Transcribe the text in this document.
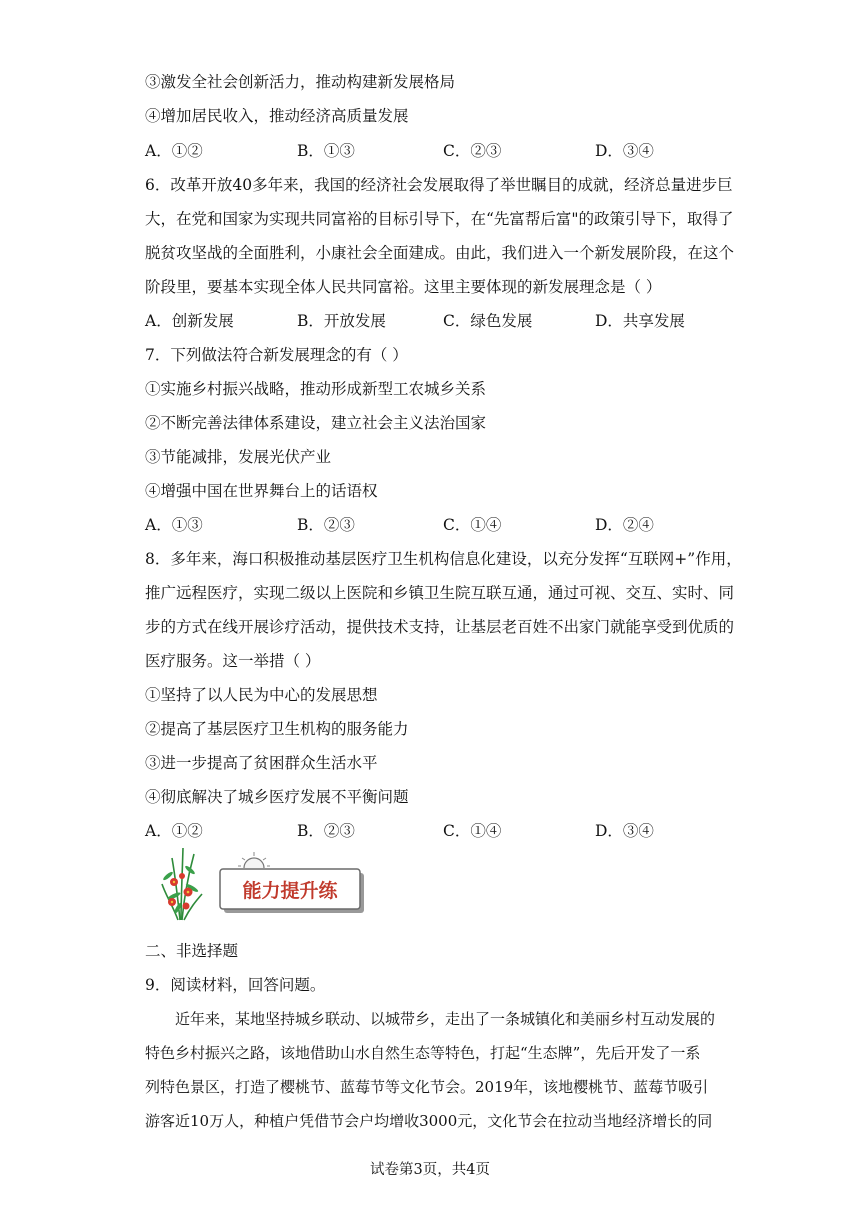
③激发全社会创新活力，推动构建新发展格局
④增加居民收入，推动经济高质量发展
A．①②	B．①③	C．②③	D．③④
6．改革开放40多年来，我国的经济社会发展取得了举世瞩目的成就，经济总量进步巨
大，在党和国家为实现共同富裕的目标引导下，在“先富帮后富"的政策引导下，取得了
脱贫攻坚战的全面胜利，小康社会全面建成。由此，我们进入一个新发展阶段，在这个
阶段里，要基本实现全体人民共同富裕。这里主要体现的新发展理念是（ ）
A．创新发展	B．开放发展	C．绿色发展	D．共享发展
7．下列做法符合新发展理念的有（ ）
①实施乡村振兴战略，推动形成新型工农城乡关系
②不断完善法律体系建设，建立社会主义法治国家
③节能减排，发展光伏产业
④增强中国在世界舞台上的话语权
A．①③	B．②③	C．①④	D．②④
8．多年来，海口积极推动基层医疗卫生机构信息化建设，以充分发挥“互联网+”作用，
推广远程医疗，实现二级以上医院和乡镇卫生院互联互通，通过可视、交互、实时、同
步的方式在线开展诊疗活动，提供技术支持，让基层老百姓不出家门就能享受到优质的
医疗服务。这一举措（ ）
①坚持了以人民为中心的发展思想
②提高了基层医疗卫生机构的服务能力
③进一步提高了贫困群众生活水平
④彻底解决了城乡医疗发展不平衡问题
A．①②	B．②③	C．①④	D．③④
能力提升练
二、非选择题
9．阅读材料，回答问题。
近年来，某地坚持城乡联动、以城带乡，走出了一条城镇化和美丽乡村互动发展的
特色乡村振兴之路，该地借助山水自然生态等特色，打起“生态牌”，先后开发了一系
列特色景区，打造了樱桃节、蓝莓节等文化节会。2019年，该地樱桃节、蓝莓节吸引
游客近10万人，种植户凭借节会户均增收3000元，文化节会在拉动当地经济增长的同
试卷第3页，共4页
